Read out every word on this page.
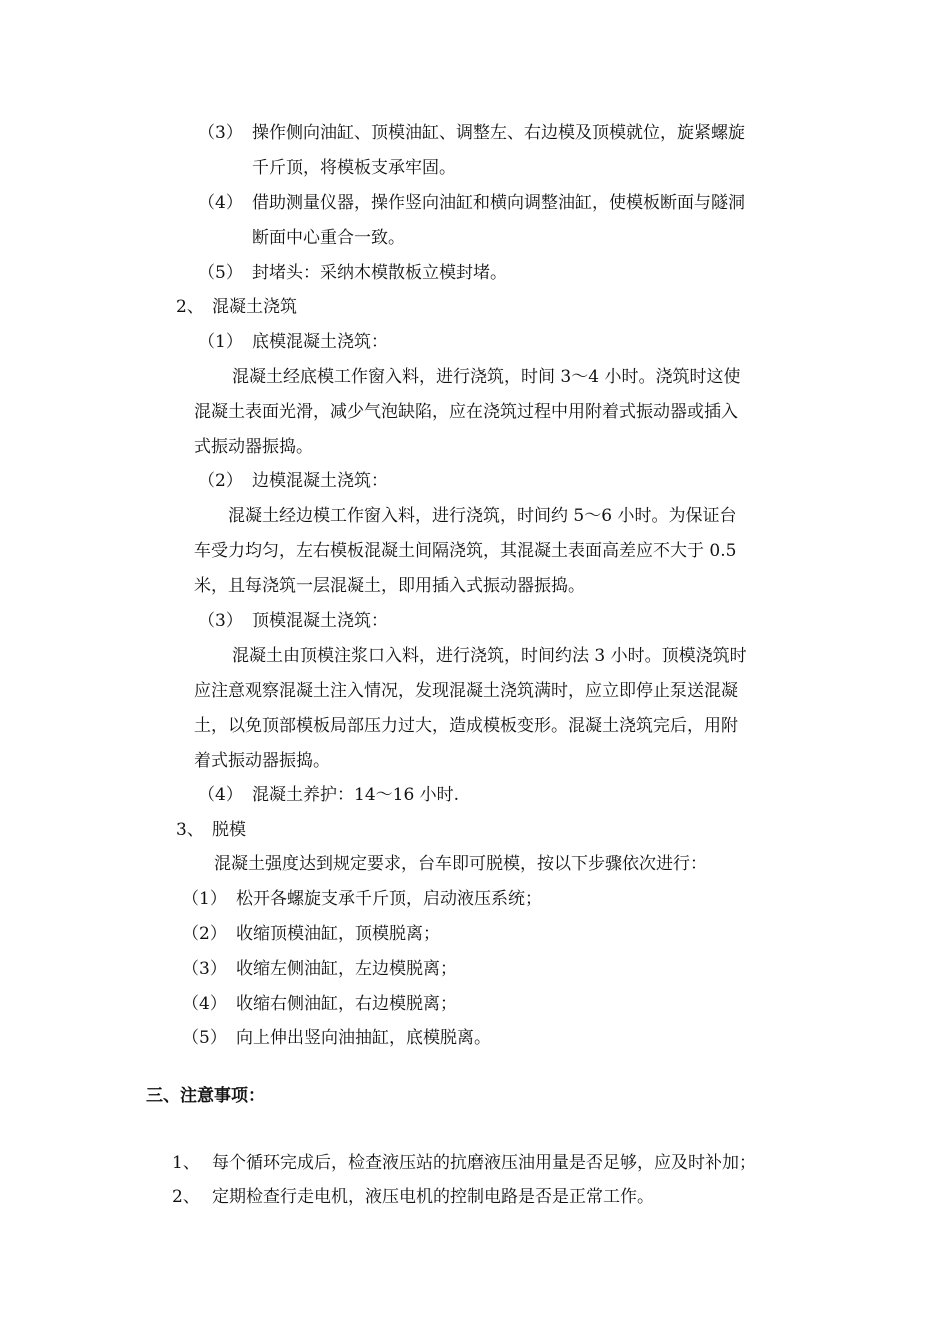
（3） 操作侧向油缸、顶模油缸、调整左、右边模及顶模就位，旋紧螺旋
千斤顶，将模板支承牢固。
（4） 借助测量仪器，操作竖向油缸和横向调整油缸，使模板断面与隧洞
断面中心重合一致。
（5） 封堵头：采纳木模散板立模封堵。
2、 混凝土浇筑
（1） 底模混凝土浇筑：
混凝土经底模工作窗入料，进行浇筑，时间 3～4 小时。浇筑时这使
混凝土表面光滑，减少气泡缺陷，应在浇筑过程中用附着式振动器或插入
式振动器振捣。
（2） 边模混凝土浇筑：
混凝土经边模工作窗入料，进行浇筑，时间约 5～6 小时。为保证台
车受力均匀，左右模板混凝土间隔浇筑，其混凝土表面高差应不大于 0.5
米，且每浇筑一层混凝土，即用插入式振动器振捣。
（3） 顶模混凝土浇筑：
混凝土由顶模注浆口入料，进行浇筑，时间约法 3 小时。顶模浇筑时
应注意观察混凝土注入情况，发现混凝土浇筑满时，应立即停止泵送混凝
土，以免顶部模板局部压力过大，造成模板变形。混凝土浇筑完后，用附
着式振动器振捣。
（4） 混凝土养护：14～16 小时.
3、 脱模
混凝土强度达到规定要求，台车即可脱模，按以下步骤依次进行：
（1） 松开各螺旋支承千斤顶，启动液压系统；
（2） 收缩顶模油缸，顶模脱离；
（3） 收缩左侧油缸，左边模脱离；
（4） 收缩右侧油缸，右边模脱离；
（5） 向上伸出竖向油抽缸，底模脱离。
三、注意事项：
1、 每个循环完成后，检查液压站的抗磨液压油用量是否足够，应及时补加；
2、 定期检查行走电机，液压电机的控制电路是否是正常工作。
